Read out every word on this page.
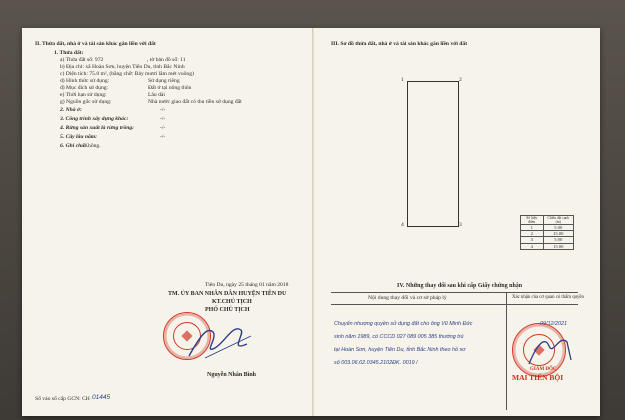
II. Thửa đất, nhà ở và tài sản khác gắn liền với đất
1. Thửa đất:
a) Thửa đất số: 972	, tờ bản đồ số: 11
b) Địa chỉ: xã Hoàn Sơn, huyện Tiên Du, tỉnh Bắc Ninh
c) Diện tích: 75.0 m², (bằng chữ: Bảy mươi lăm mét vuông)
d) Hình thức sử dụng:	Sử dụng riêng
đ) Mục đích sử dụng:	Đất ở tại nông thôn
e) Thời hạn sử dụng:	Lâu dài
g) Nguồn gốc sử dụng:	Nhà nước giao đất có thu tiền sử dụng đất
2. Nhà ở:	-/-
3. Công trình xây dựng khác:	-/-
4. Rừng sản xuất là rừng trồng:	-/-
5. Cây lâu năm:	-/-
6. Ghi chú:
Không.
Tiên Du, ngày 25 tháng 01 năm 2018
TM. ỦY BAN NHÂN DÂN HUYỆN TIÊN DU
KT.CHỦ TỊCH
PHÓ CHỦ TỊCH
Nguyễn Nhân Bình
Số vào sổ cấp GCN: CH 01445
III. Sơ đồ thửa đất, nhà ở và tài sản khác gắn liền với đất
1	2
3
4
Số hiệu điểm	Chiều dài cạnh (m)
1	5.00
2	15.00
3	5.00
4	15.00
IV. Những thay đổi sau khi cấp Giấy chứng nhận
Nội dung thay đổi và cơ sở pháp lý	Xác nhận của cơ quan có thẩm quyền
Chuyển nhượng quyền sử dụng đất cho ông Vũ Minh Đức
sinh năm 1989, có CCCD 027 089 005 385 thường trú
tại Hoàn Sơn, huyện Tiên Du, tỉnh Bắc Ninh theo hồ sơ
số 003.06.02.0345.2102ĐK. 0019 /
09/12/2021
GIÁM ĐỐC
MAI TIẾN BỘI
